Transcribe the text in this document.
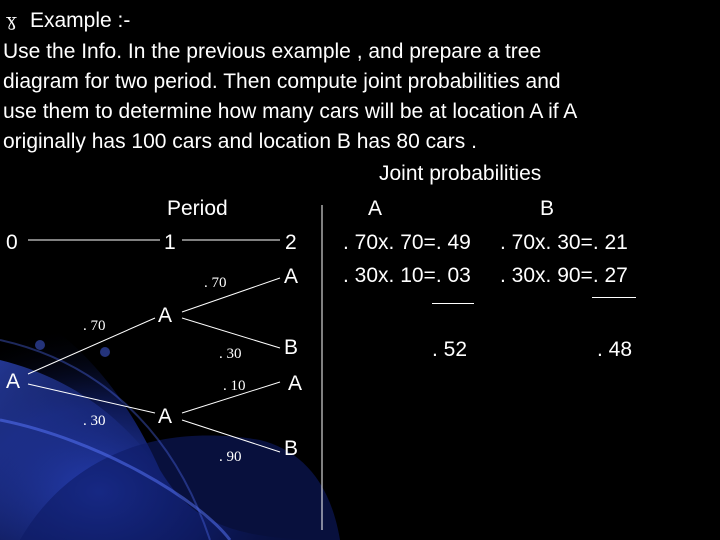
ɣ Example :-
Use the Info. In the previous example , and prepare a tree
diagram for two period. Then compute joint probabilities and
use them to determine how many cars will be at location A if A
originally has 100 cars and location B has 80 cars .
Joint probabilities
Period
0	1	2
A
A
A
A
B
A
B
. 70
. 30
. 70
. 30
. 10
. 90
A	B
. 70x. 70=. 49 . 70x. 30=. 21
. 30x. 10=. 03 . 30x. 90=. 27
. 52	. 48
